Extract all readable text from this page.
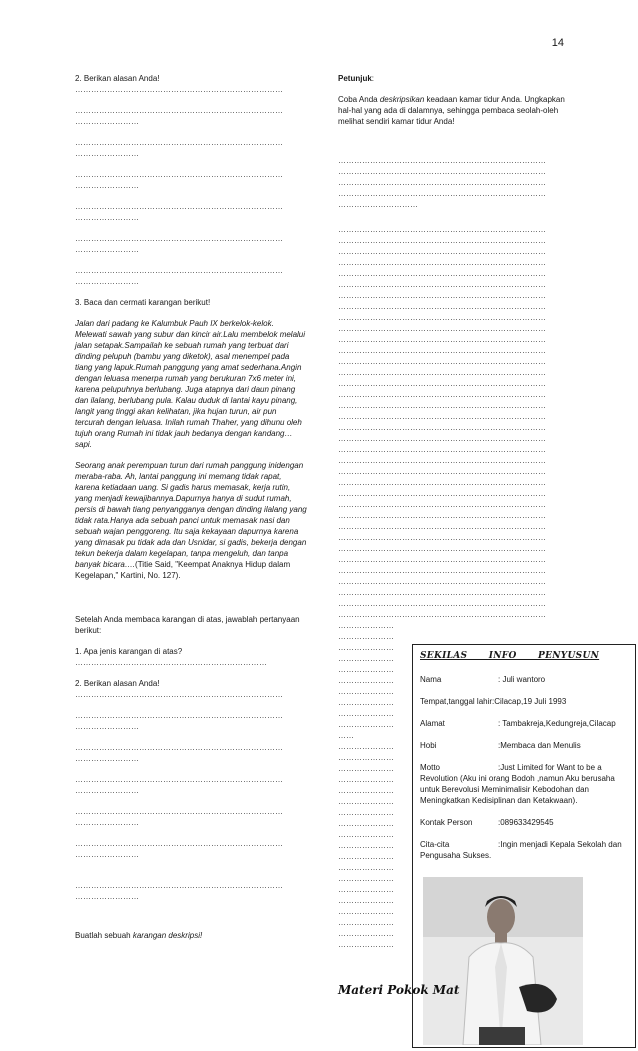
14

2. Berikan alasan Anda!

……………………………………………………………………

……………………………………………………………………

……………………

……………………………………………………………………

……………………

……………………………………………………………………

……………………

……………………………………………………………………

……………………

……………………………………………………………………

……………………

……………………………………………………………………

……………………

3. Baca dan cermati karangan berikut!

Jalan dari padang ke Kalumbuk Pauh IX berkelok-kelok. Melewati sawah yang subur dan kincir air.Lalu membelok melalui jalan setapak.Sampailah ke sebuah rumah yang terbuat dari dinding pelupuh (bambu yang diketok), asal menempel pada tiang yang lapuk.Rumah panggung yang amat sederhana.Angin dengan leluasa menerpa rumah yang berukuran 7x6 meter ini, karena pelupuhnya berlubang. Juga atapnya dari daun pinang dan ilalang, berlubang pula. Kalau duduk di lantai kayu pinang, langit yang tinggi akan kelihatan, jika hujan turun, air pun tercurah dengan leluasa. Inilah rumah Thaher, yang dihunu oleh tujuh orang Rumah ini tidak jauh bedanya dengan kandang…sapi.

Seorang anak perempuan turun dari rumah panggung inidengan meraba-raba. Ah, lantai panggung ini memang tidak rapat, karena ketiadaan uang. Si gadis harus memasak, kerja rutin, yang menjadi kewajibannya.Dapurnya hanya di sudut rumah, persis di bawah tiang penyangganya dengan dinding ilalang yang tidak rata.Hanya ada sebuah panci untuk memasak nasi dan sebuah wajan penggoreng. Itu saja kekayaan dapurnya karena yang dimasak pu tidak ada dan Usnidar, si gadis, bekerja dengan tekun bekerja dalam kegelapan, tanpa mengeluh, dan tanpa banyak bicara….(Titie Said, "Keempat Anaknya Hidup dalam Kegelapan," Kartini, No. 127).

Setelah Anda membaca karangan di atas, jawablah pertanyaan berikut:

1. Apa jenis karangan di atas?

………………………………………………………………

2. Berikan alasan Anda!

……………………………………………………………………

……………………………………………………………………

……………………

……………………………………………………………………

……………………

……………………………………………………………………

……………………

……………………………………………………………………

……………………

……………………………………………………………………

……………………

……………………………………………………………………

……………………

Buatlah sebuah karangan deskripsi!

Petunjuk:

Coba Anda deskripsikan keadaan kamar tidur Anda. Ungkapkan hal-hal yang ada di dalamnya, sehingga pembaca seolah-oleh melihat sendiri kamar tidur Anda!

……………………………………………………………………

……………………………………………………………………

……………………………………………………………………

……………………………………………………………………

…………………………

……………………………………………………………………

……………………………………………………………………

……………………………………………………………………

……………………………………………………………………

……………………………………………………………………

……………………………………………………………………

……………………………………………………………………

……………………………………………………………………

……………………………………………………………………

……………………………………………………………………

……………………………………………………………………

……………………………………………………………………

……………………………………………………………………

……………………………………………………………………

……………………………………………………………………

……………………………………………………………………

……………………………………………………………………

……………………………………………………………………

……………………………………………………………………

……………………………………………………………………

……………………………………………………………………

……………………………………………………………………

……………………………………………………………………

……………………………………………………………………

……………………………………………………………………

……………………………………………………………………

……………………………………………………………………

……………………………………………………………………

……………………………………………………………………

……………………………………………………………………

……………………………………………………………………

……………………………………………………………………

……………………………………………………………………

……………………………………………………………………

……………………………………………………………………

……………………………………………………………………

…………………

…………………

…………………

…………………

…………………

…………………

…………………

…………………

…………………

…………………

……

…………………

…………………

…………………

…………………

…………………

…………………

…………………

…………………

…………………

…………………

…………………

…………………

…………………

…………………

…………………

…………………

…………………

…………………

…………………

SEKILAS INFO PENYUSUN
Nama	: Juli wantoro
Tempat,tanggal lahir:Cilacap,19 Juli 1993
Alamat	: Tambakreja,Kedungreja,Cilacap
Hobi	:Membaca dan Menulis
Motto	:Just Limited for Want to be a Revolution (Aku ini orang Bodoh ,namun Aku berusaha untuk Berevolusi Meminimalisir Kebodohan dan Meningkatkan Kedisiplinan dan Ketakwaan).
Kontak Person	:089633429545
Cita-cita	:Ingin menjadi Kepala Sekolah dan Pengusaha Sukses.
Materi Pokok Mat
